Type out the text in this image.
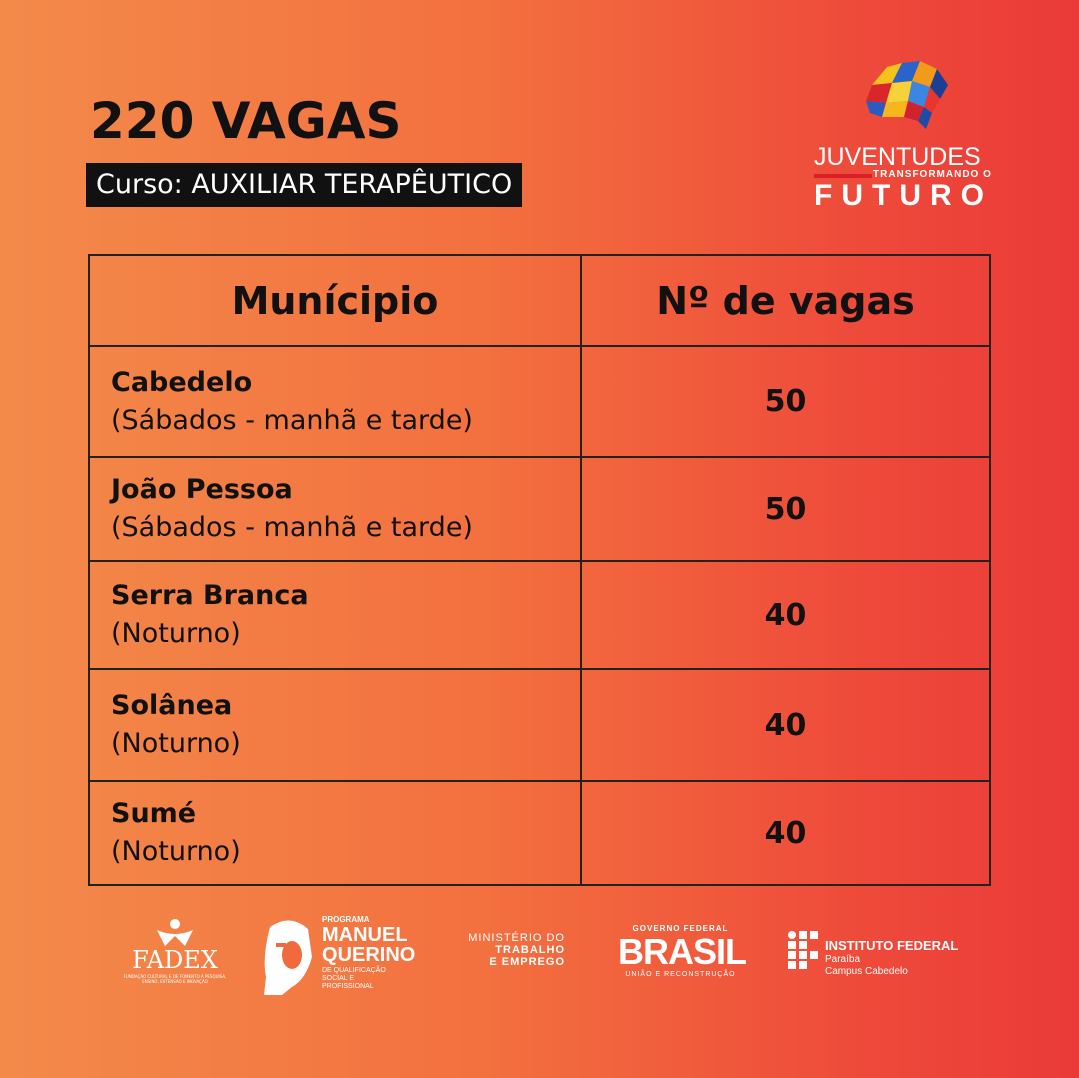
220 VAGAS
Curso: AUXILIAR TERAPÊUTICO
JUVENTUDES
TRANSFORMANDO O
FUTURO
Munícipio	Nº de vagas

Cabedelo
(Sábados - manhã e tarde)	50

João Pessoa
(Sábados - manhã e tarde)	50

Serra Branca
(Noturno)	40

Solânea
(Noturno)	40

Sumé
(Noturno)	40
FADEX
FUNDAÇÃO CULTURAL E DE FOMENTO À PESQUISA, ENSINO, EXTENSÃO E INOVAÇÃO
PROGRAMA
MANUEL QUERINO
DE QUALIFICAÇÃO SOCIAL E PROFISSIONAL
MINISTÉRIO DO
TRABALHO
E EMPREGO
GOVERNO FEDERAL
BRASIL
UNIÃO E RECONSTRUÇÃO
INSTITUTO FEDERAL
Paraíba
Campus Cabedelo
